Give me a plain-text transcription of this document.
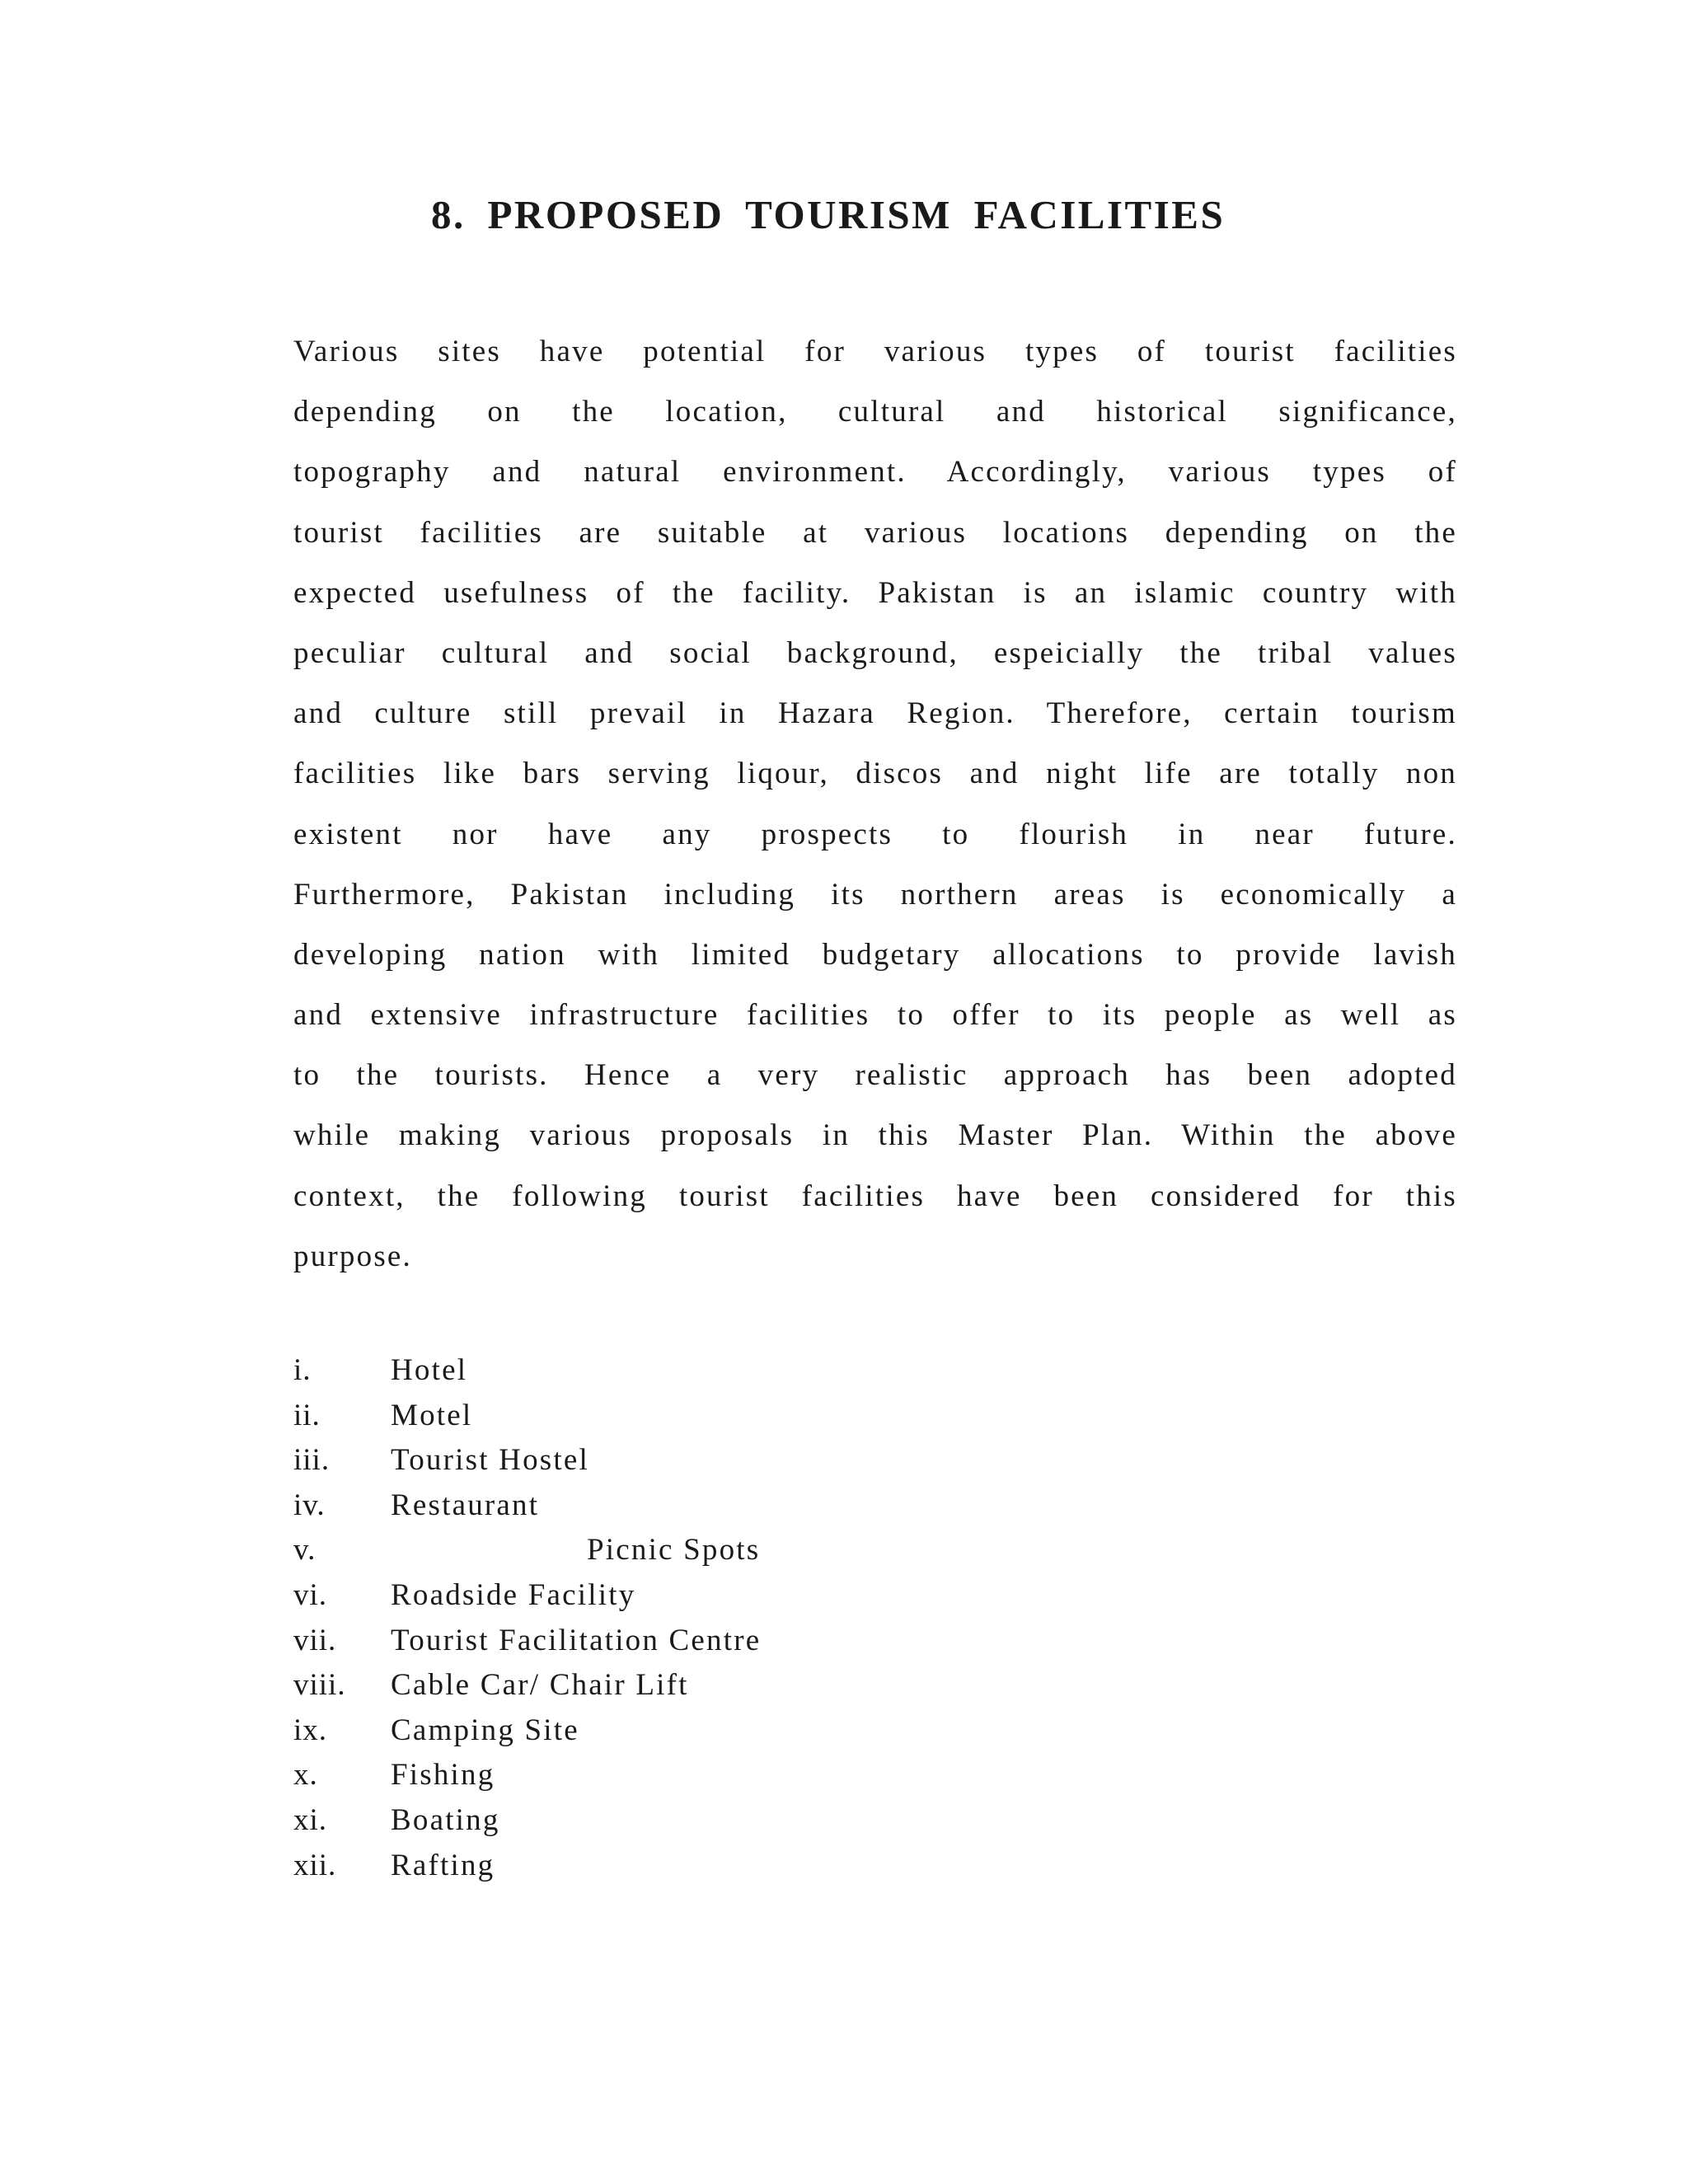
8. PROPOSED TOURISM FACILITIES
Various sites have potential for various types of tourist facilities
depending on the location, cultural and historical significance,
topography and natural environment. Accordingly, various types of
tourist facilities are suitable at various locations depending on the
expected usefulness of the facility. Pakistan is an islamic country with
peculiar cultural and social background, espeicially the tribal values
and culture still prevail in Hazara Region. Therefore, certain tourism
facilities like bars serving liqour, discos and night life are totally non
existent nor have any prospects to flourish in near future.
Furthermore, Pakistan including its northern areas is economically a
developing nation with limited budgetary allocations to provide lavish
and extensive infrastructure facilities to offer to its people as well as
to the tourists. Hence a very realistic approach has been adopted
while making various proposals in this Master Plan. Within the above
context, the following tourist facilities have been considered for this
purpose.
i.	Hotel
ii.	Motel
iii.	Tourist Hostel
iv.	Restaurant
v.	Picnic Spots
vi.	Roadside Facility
vii.	Tourist Facilitation Centre
viii.	Cable Car/ Chair Lift
ix.	Camping Site
x.	Fishing
xi.	Boating
xii.	Rafting
